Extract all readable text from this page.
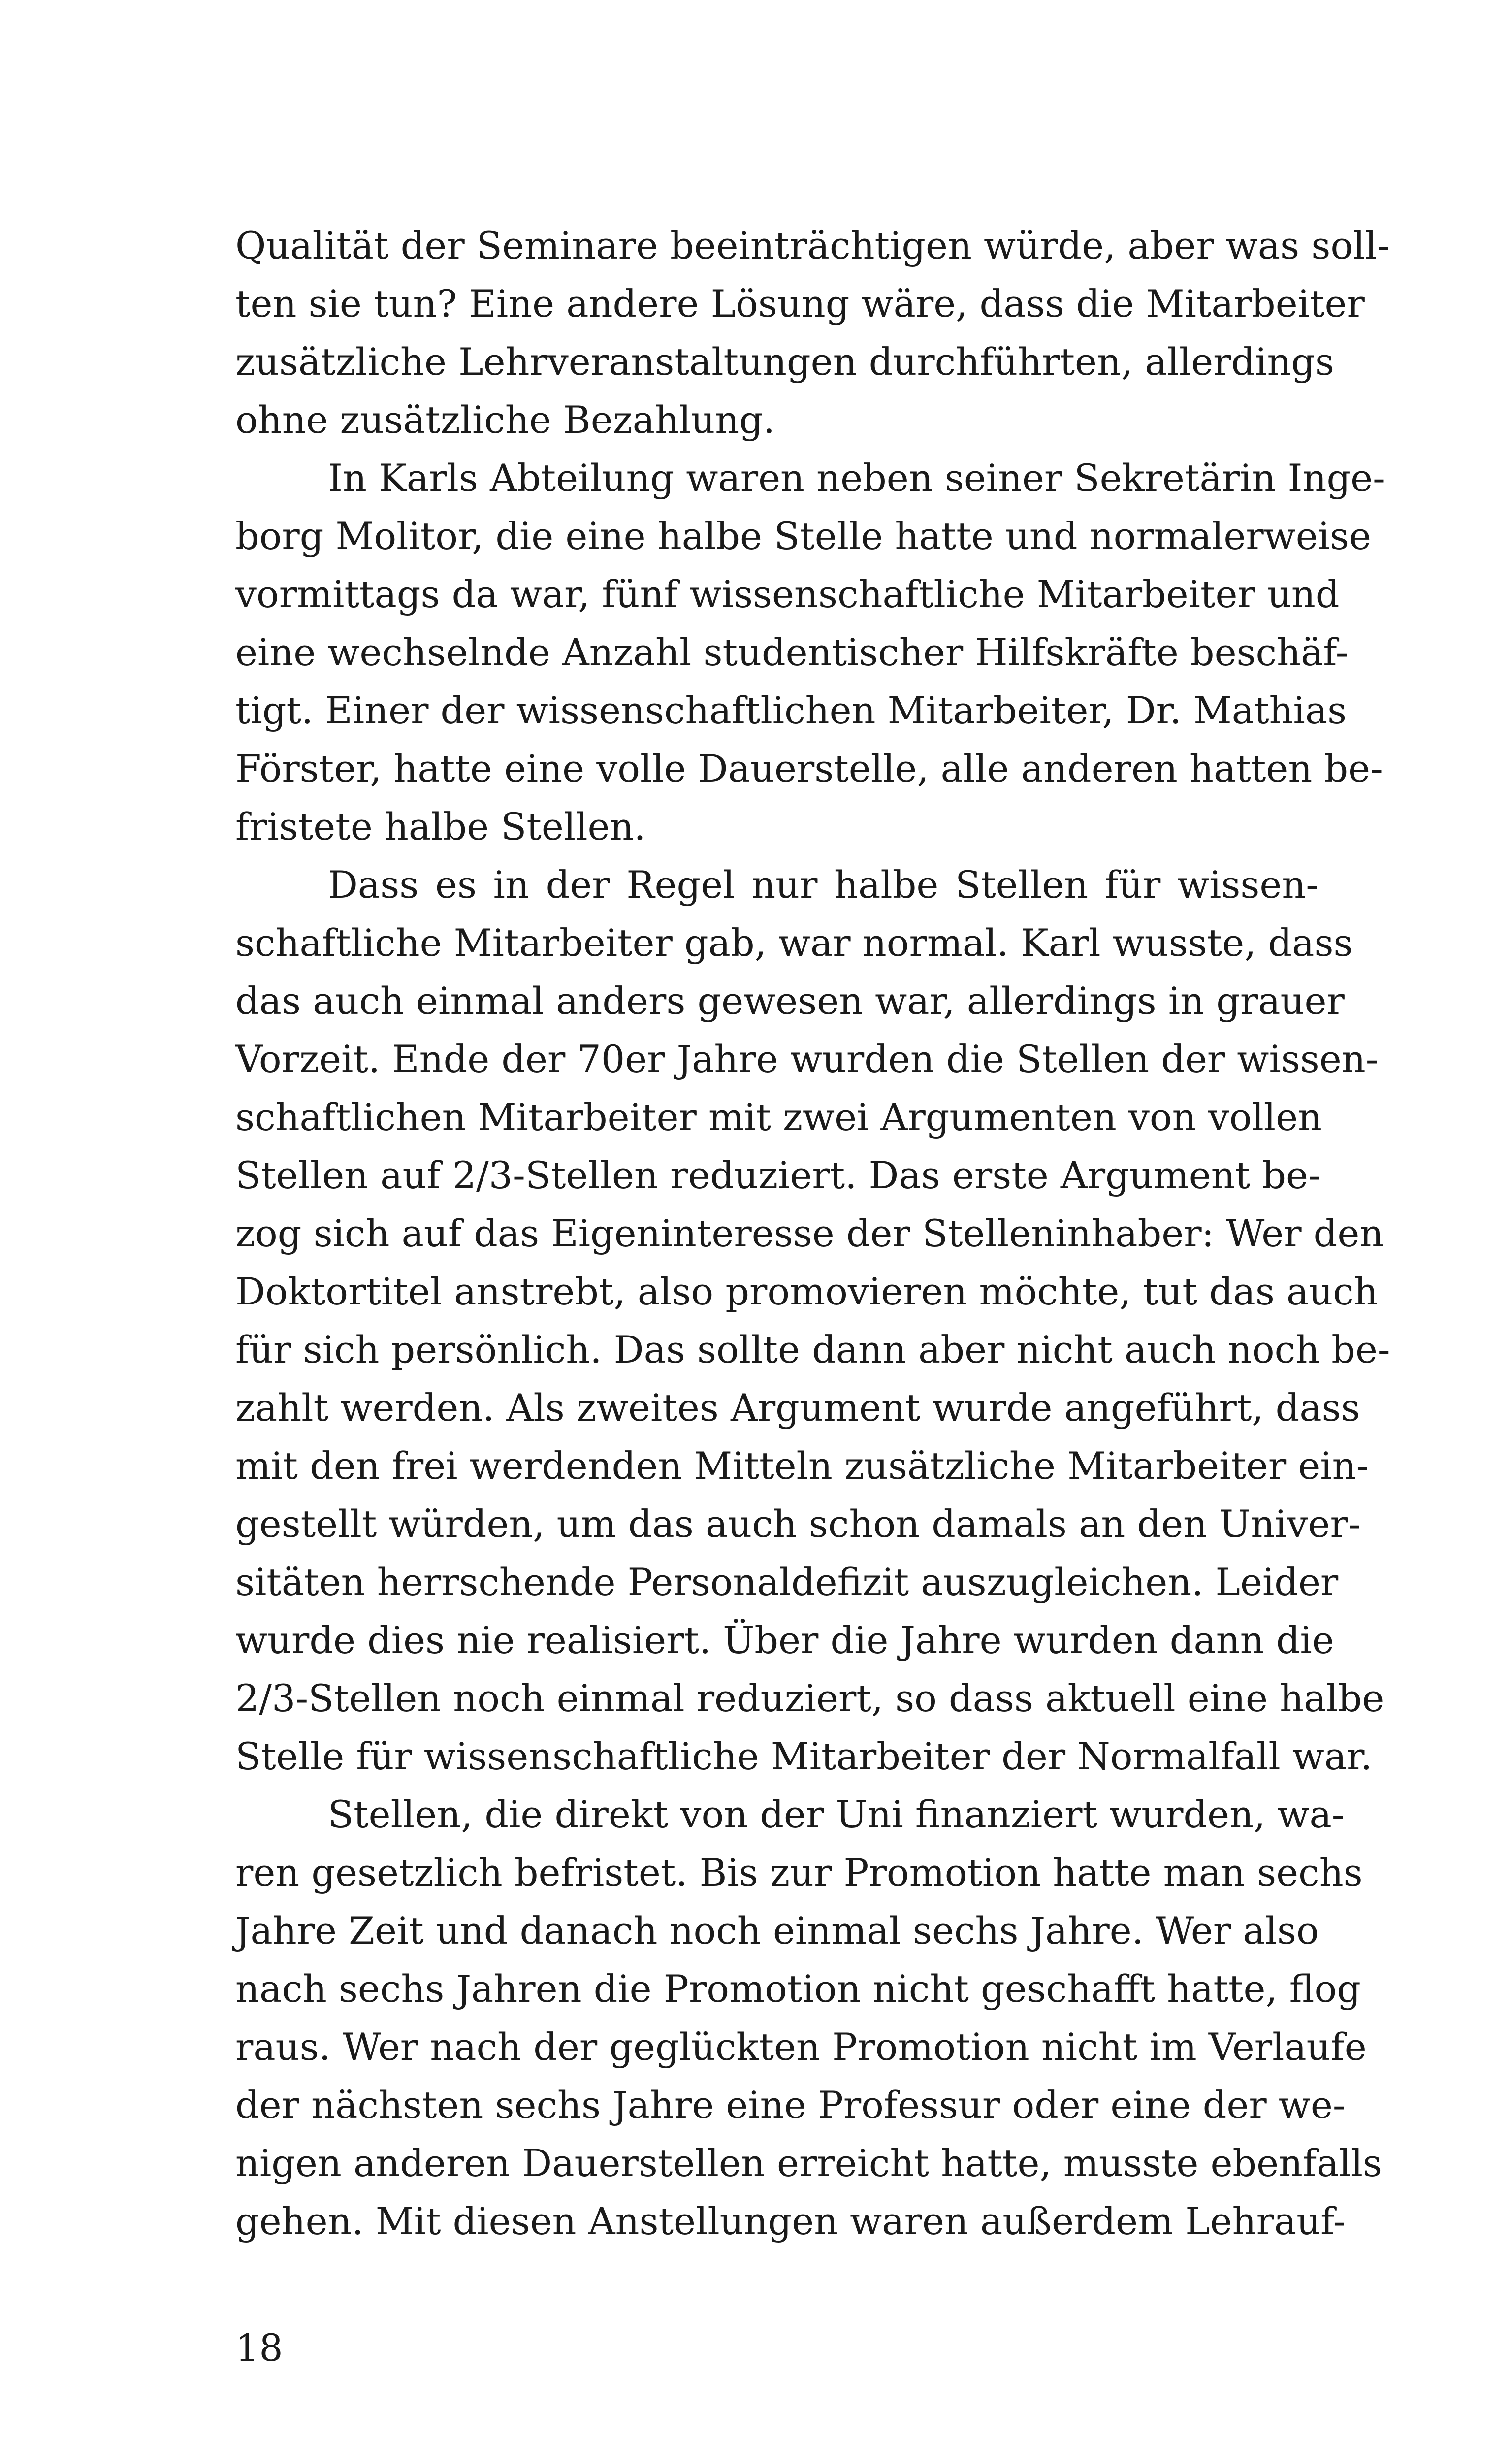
Qualität der Seminare beeinträchtigen würde, aber was soll-
ten sie tun? Eine andere Lösung wäre, dass die Mitarbeiter
zusätzliche Lehrveranstaltungen durchführten, allerdings
ohne zusätzliche Bezahlung.
In Karls Abteilung waren neben seiner Sekretärin Inge-
borg Molitor, die eine halbe Stelle hatte und normalerweise
vormittags da war, fünf wissenschaftliche Mitarbeiter und
eine wechselnde Anzahl studentischer Hilfskräfte beschäf-
tigt. Einer der wissenschaftlichen Mitarbeiter, Dr. Mathias
Förster, hatte eine volle Dauerstelle, alle anderen hatten be-
fristete halbe Stellen.
Dass es in der Regel nur halbe Stellen für wissen-
schaftliche Mitarbeiter gab, war normal. Karl wusste, dass
das auch einmal anders gewesen war, allerdings in grauer
Vorzeit. Ende der 70er Jahre wurden die Stellen der wissen-
schaftlichen Mitarbeiter mit zwei Argumenten von vollen
Stellen auf 2/3-Stellen reduziert. Das erste Argument be-
zog sich auf das Eigeninteresse der Stelleninhaber: Wer den
Doktortitel anstrebt, also promovieren möchte, tut das auch
für sich persönlich. Das sollte dann aber nicht auch noch be-
zahlt werden. Als zweites Argument wurde angeführt, dass
mit den frei werdenden Mitteln zusätzliche Mitarbeiter ein-
gestellt würden, um das auch schon damals an den Univer-
sitäten herrschende Personaldefizit auszugleichen. Leider
wurde dies nie realisiert. Über die Jahre wurden dann die
2/3-Stellen noch einmal reduziert, so dass aktuell eine halbe
Stelle für wissenschaftliche Mitarbeiter der Normalfall war.
Stellen, die direkt von der Uni finanziert wurden, wa-
ren gesetzlich befristet. Bis zur Promotion hatte man sechs
Jahre Zeit und danach noch einmal sechs Jahre. Wer also
nach sechs Jahren die Promotion nicht geschafft hatte, flog
raus. Wer nach der geglückten Promotion nicht im Verlaufe
der nächsten sechs Jahre eine Professur oder eine der we-
nigen anderen Dauerstellen erreicht hatte, musste ebenfalls
gehen. Mit diesen Anstellungen waren außerdem Lehrauf-
18
